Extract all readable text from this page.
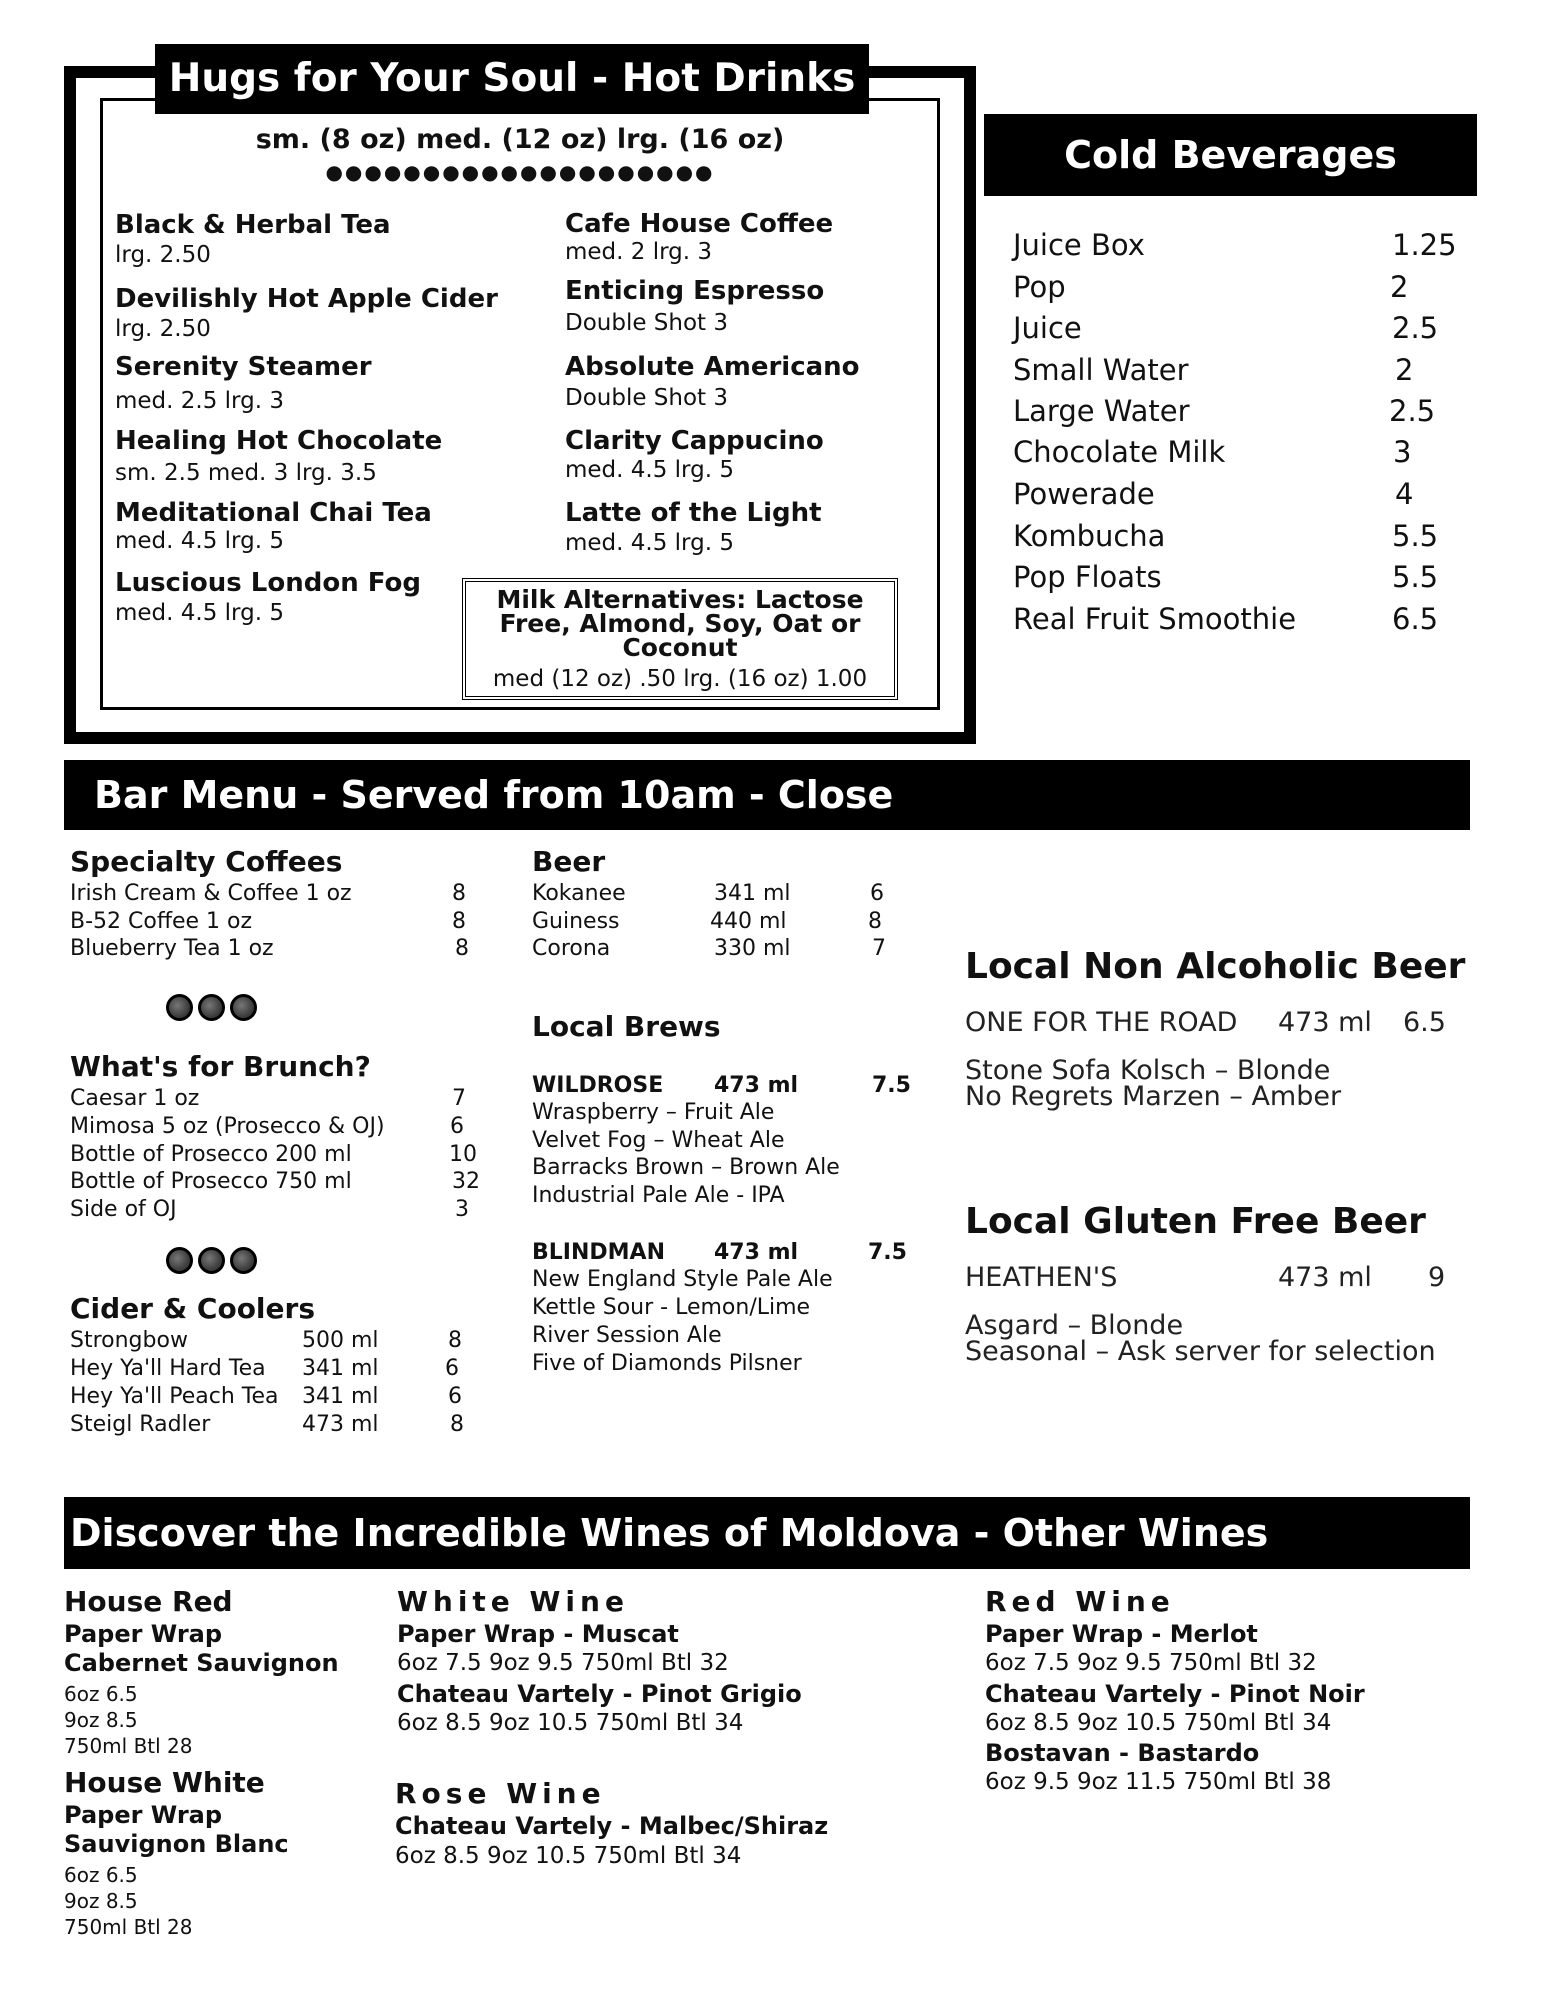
Hugs for Your Soul - Hot Drinks
sm. (8 oz) med. (12 oz) lrg. (16 oz)
●●●●●●●●●●●●●●●●●●●●
Black & Herbal Tea
lrg. 2.50
Devilishly Hot Apple Cider
lrg. 2.50
Serenity Steamer
med. 2.5 lrg. 3
Healing Hot Chocolate
sm. 2.5 med. 3 lrg. 3.5
Meditational Chai Tea
med. 4.5 lrg. 5
Luscious London Fog
med. 4.5 lrg. 5
Cafe House Coffee
med. 2 lrg. 3
Enticing Espresso
Double Shot 3
Absolute Americano
Double Shot 3
Clarity Cappucino
med. 4.5 lrg. 5
Latte of the Light
med. 4.5 lrg. 5
Milk Alternatives: Lactose Free, Almond, Soy, Oat or Coconut
med (12 oz) .50 lrg. (16 oz) 1.00
Cold Beverages
Juice Box	1.25
Pop	2
Juice	2.5
Small Water	2
Large Water	2.5
Chocolate Milk	3
Powerade	4
Kombucha	5.5
Pop Floats	5.5
Real Fruit Smoothie	6.5
Bar Menu - Served from 10am - Close
Specialty Coffees
Irish Cream & Coffee 1 oz	8
B-52 Coffee 1 oz	8
Blueberry Tea 1 oz	8
What's for Brunch?
Caesar 1 oz	7
Mimosa 5 oz (Prosecco & OJ)	6
Bottle of Prosecco 200 ml	10
Bottle of Prosecco 750 ml	32
Side of OJ	3
Cider & Coolers
Strongbow	500 ml	8
Hey Ya'll Hard Tea 341 ml	6
Hey Ya'll Peach Tea 341 ml	6
Steigl Radler	473 ml	8
Beer
Kokanee	341 ml	6
Guiness	440 ml	8
Corona	330 ml	7
Local Brews
WILDROSE 473 ml	7.5
Wraspberry – Fruit Ale
Velvet Fog – Wheat Ale
Barracks Brown – Brown Ale
Industrial Pale Ale - IPA
BLINDMAN 473 ml	7.5
New England Style Pale Ale
Kettle Sour - Lemon/Lime
River Session Ale
Five of Diamonds Pilsner
Local Non Alcoholic Beer
ONE FOR THE ROAD 473 ml 6.5
Stone Sofa Kolsch – Blonde
No Regrets Marzen – Amber
Local Gluten Free Beer
HEATHEN'S	473 ml 9
Asgard – Blonde
Seasonal – Ask server for selection
Discover the Incredible Wines of Moldova - Other Wines
House Red
Paper Wrap
Cabernet Sauvignon
6oz 6.5
9oz 8.5
750ml Btl 28
House White
Paper Wrap
Sauvignon Blanc
6oz 6.5
9oz 8.5
750ml Btl 28
White Wine
Paper Wrap - Muscat
6oz 7.5 9oz 9.5 750ml Btl 32
Chateau Vartely - Pinot Grigio
6oz 8.5 9oz 10.5 750ml Btl 34
Rose Wine
Chateau Vartely - Malbec/Shiraz
6oz 8.5 9oz 10.5 750ml Btl 34
Red Wine
Paper Wrap - Merlot
6oz 7.5 9oz 9.5 750ml Btl 32
Chateau Vartely - Pinot Noir
6oz 8.5 9oz 10.5 750ml Btl 34
Bostavan - Bastardo
6oz 9.5 9oz 11.5 750ml Btl 38
